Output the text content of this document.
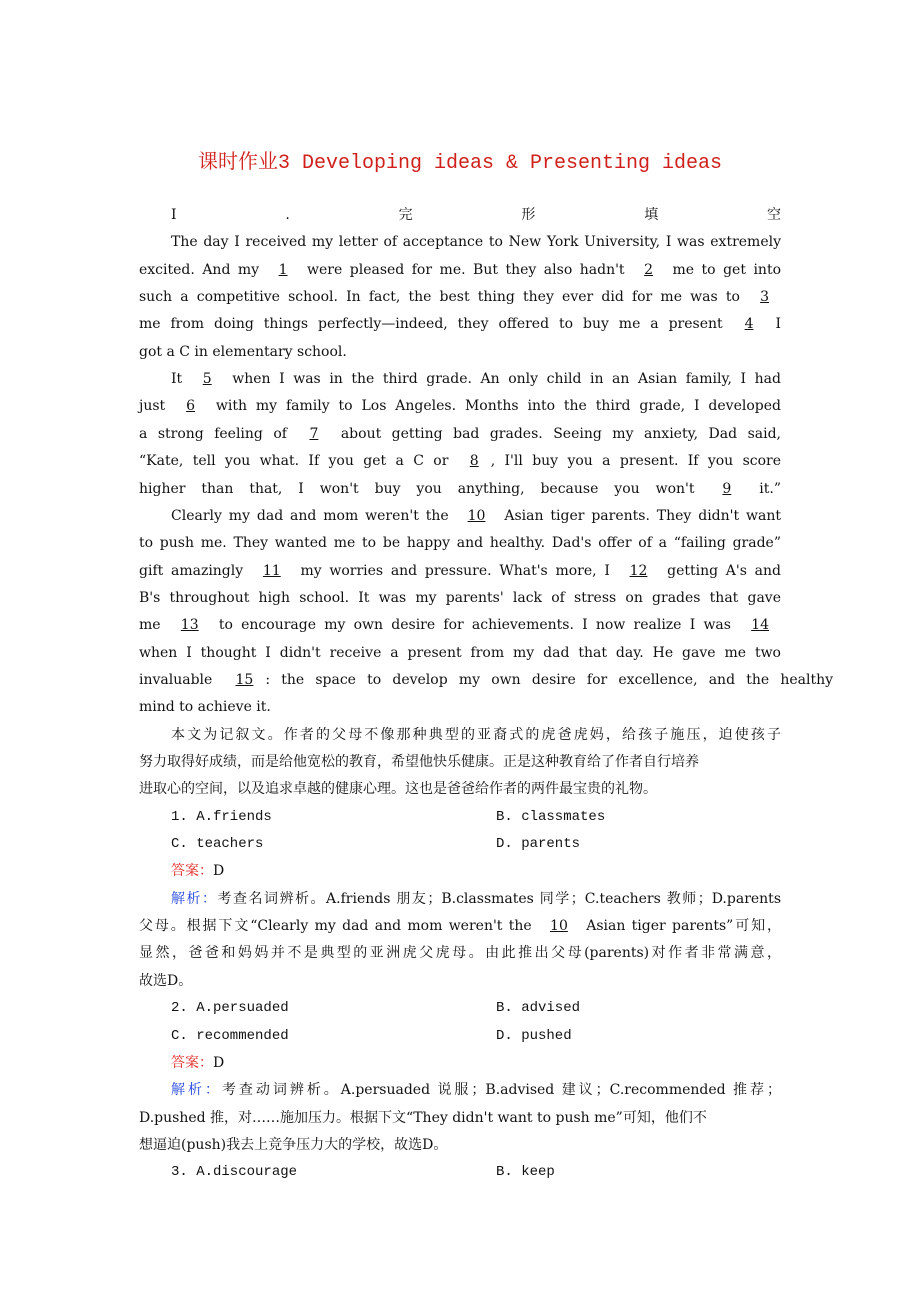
课时作业3 Developing ideas & Presenting ideas
Ⅰ.完形填空
The day I received my letter of acceptance to New York University, I was extremely
excited. And my 1 were pleased for me. But they also hadn't 2 me to get into
such a competitive school. In fact, the best thing they ever did for me was to 3
me from doing things perfectly—indeed, they offered to buy me a present 4 I
got a C in elementary school.
It 5 when I was in the third grade. An only child in an Asian family, I had
just 6 with my family to Los Angeles. Months into the third grade, I developed
a strong feeling of 7 about getting bad grades. Seeing my anxiety, Dad said,
“Kate, tell you what. If you get a C or 8 , I'll buy you a present. If you score
higher than that, I won't buy you anything, because you won't 9 it.”
Clearly my dad and mom weren't the 10 Asian tiger parents. They didn't want
to push me. They wanted me to be happy and healthy. Dad's offer of a “failing grade”
gift amazingly 11 my worries and pressure. What's more, I 12 getting A's and
B's throughout high school. It was my parents' lack of stress on grades that gave
me 13 to encourage my own desire for achievements. I now realize I was 14
when I thought I didn't receive a present from my dad that day. He gave me two
invaluable 15 : the space to develop my own desire for excellence, and the healthy
mind to achieve it.
本文为记叙文。作者的父母不像那种典型的亚裔式的虎爸虎妈，给孩子施压，迫使孩子
努力取得好成绩，而是给他宽松的教育，希望他快乐健康。正是这种教育给了作者自行培养
进取心的空间，以及追求卓越的健康心理。这也是爸爸给作者的两件最宝贵的礼物。
1. A.friends	B. classmates
C. teachers	D. parents
答案：D
解析：考查名词辨析。A.friends 朋友；B.classmates 同学；C.teachers 教师；D.parents
父母。根据下文“Clearly my dad and mom weren't the 10 Asian tiger parents”可知，
显然，爸爸和妈妈并不是典型的亚洲虎父虎母。由此推出父母(parents)对作者非常满意，
故选D。
2. A.persuaded	B. advised
C. recommended	D. pushed
答案：D
解析：考查动词辨析。A.persuaded 说服；B.advised 建议；C.recommended 推荐；
D.pushed 推，对……施加压力。根据下文“They didn't want to push me”可知，他们不
想逼迫(push)我去上竞争压力大的学校，故选D。
3. A.discourage	B. keep
